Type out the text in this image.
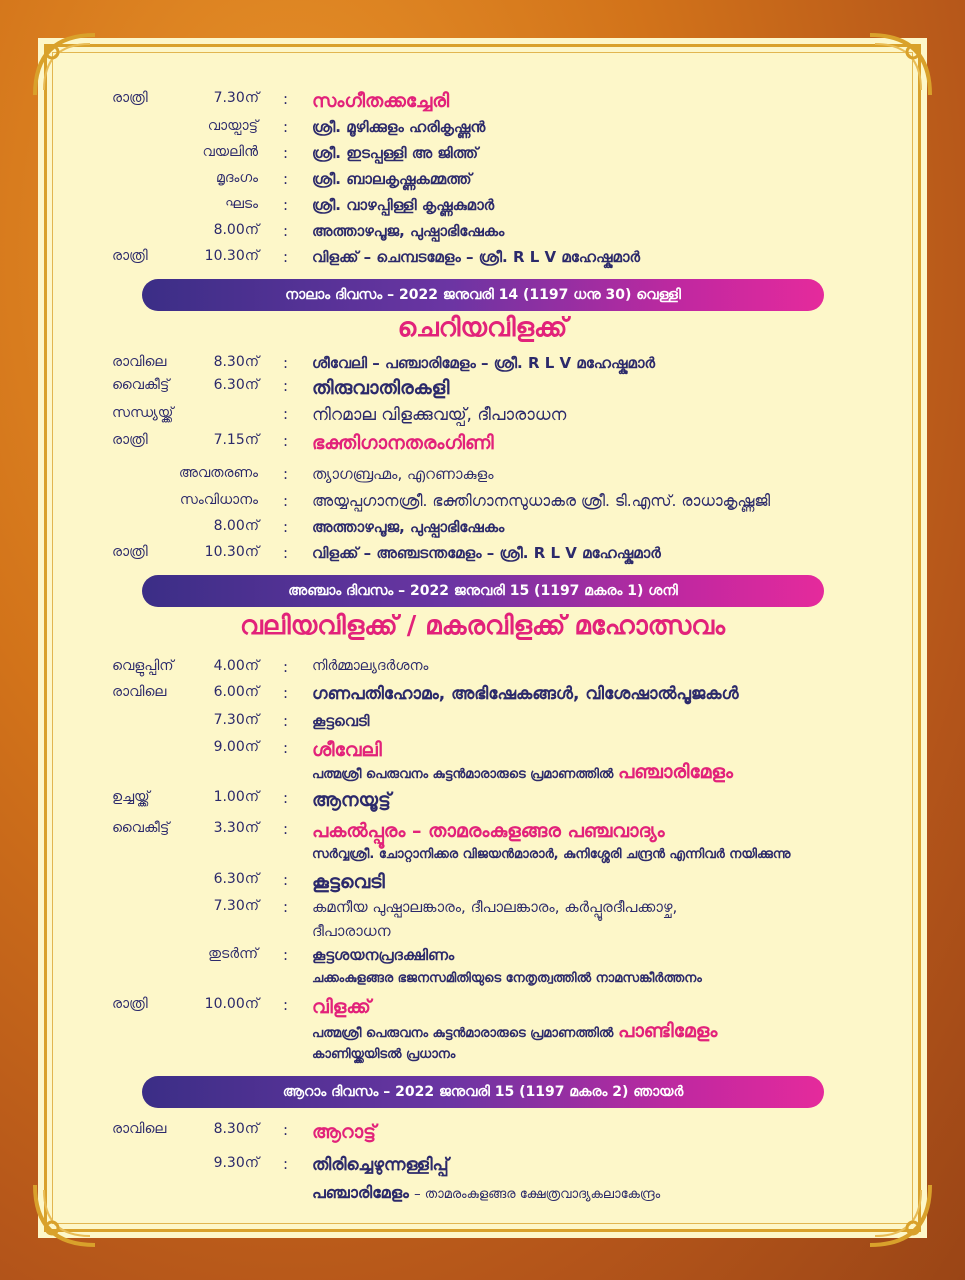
രാത്രി	7.30ന് : സംഗീതക്കച്ചേരി
വായ്പാട്ട് : ശ്രീ. മൂഴിക്കുളം ഹരികൃഷ്ണൻ
വയലിൻ : ശ്രീ. ഇടപ്പള്ളി അ ജിത്ത്
മൃദംഗം : ശ്രീ. ബാലകൃഷ്ണകമ്മത്ത്
ഘടം : ശ്രീ. വാഴപ്പിള്ളി കൃഷ്ണകുമാർ
8.00ന് : അത്താഴപൂജ, പുഷ്പാഭിഷേകം
രാത്രി	10.30ന് : വിളക്ക് – ചെമ്പടമേളം – ശ്രീ. R L V മഹേഷ്കുമാർ
നാലാം ദിവസം – 2022 ജനുവരി 14 (1197 ധനു 30) വെള്ളി
ചെറിയവിളക്ക്
രാവിലെ	8.30ന് : ശീവേലി – പഞ്ചാരിമേളം – ശ്രീ. R L V മഹേഷ്കുമാർ
വൈകീട്ട്	6.30ന് : തിരുവാതിരകളി
സന്ധ്യയ്ക്ക്	: നിറമാല വിളക്കുവയ്പ്, ദീപാരാധന
രാത്രി	7.15ന് : ഭക്തിഗാനതരംഗിണി
അവതരണം : ത്യാഗബ്രഹ്മം, എറണാകുളം
സംവിധാനം : അയ്യപ്പഗാനശ്രീ. ഭക്തിഗാനസുധാകര ശ്രീ. ടി.എസ്. രാധാകൃഷ്ണജി
8.00ന് : അത്താഴപൂജ, പുഷ്പാഭിഷേകം
രാത്രി	10.30ന് : വിളക്ക് – അഞ്ചടന്തമേളം – ശ്രീ. R L V മഹേഷ്കുമാർ
അഞ്ചാം ദിവസം – 2022 ജനുവരി 15 (1197 മകരം 1) ശനി
വലിയവിളക്ക് / മകരവിളക്ക് മഹോത്സവം
വെളുപ്പിന്	4.00ന് : നിർമ്മാല്യദർശനം
രാവിലെ	6.00ന് : ഗണപതിഹോമം, അഭിഷേകങ്ങൾ, വിശേഷാൽപൂജകൾ
7.30ന് : കൂട്ടവെടി
9.00ന് : ശീവേലി
പത്മശ്രീ പെരുവനം കുട്ടൻമാരാരുടെ പ്രമാണത്തിൽ പഞ്ചാരിമേളം
ഉച്ചയ്ക്ക്	1.00ന് : ആനയൂട്ട്
വൈകീട്ട്	3.30ന് : പകൽപ്പൂരം – താമരംകുളങ്ങര പഞ്ചവാദ്യം
സർവ്വശ്രീ. ചോറ്റാനിക്കര വിജയൻമാരാർ, കുനിശ്ശേരി ചന്ദ്രൻ എന്നിവർ നയിക്കുന്നു
6.30ന് : കൂട്ടവെടി
7.30ന് : കമനീയ പുഷ്പാലങ്കാരം, ദീപാലങ്കാരം, കർപ്പൂരദീപക്കാഴ്ച,
ദീപാരാധന
തുടർന്ന് : കൂട്ടശയനപ്രദക്ഷിണം
ചക്കംകുളങ്ങര ഭജനസമിതിയുടെ നേതൃത്വത്തിൽ നാമസങ്കീർത്തനം
രാത്രി	10.00ന് : വിളക്ക്
പത്മശ്രീ പെരുവനം കുട്ടൻമാരാരുടെ പ്രമാണത്തിൽ പാണ്ടിമേളം
കാണിയ്ക്കയിടൽ പ്രധാനം
ആറാം ദിവസം – 2022 ജനുവരി 15 (1197 മകരം 2) ഞായർ
രാവിലെ	8.30ന് : ആറാട്ട്
9.30ന് : തിരിച്ചെഴുന്നള്ളിപ്പ്
പഞ്ചാരിമേളം – താമരംകുളങ്ങര ക്ഷേത്രവാദ്യകലാകേന്ദ്രം
